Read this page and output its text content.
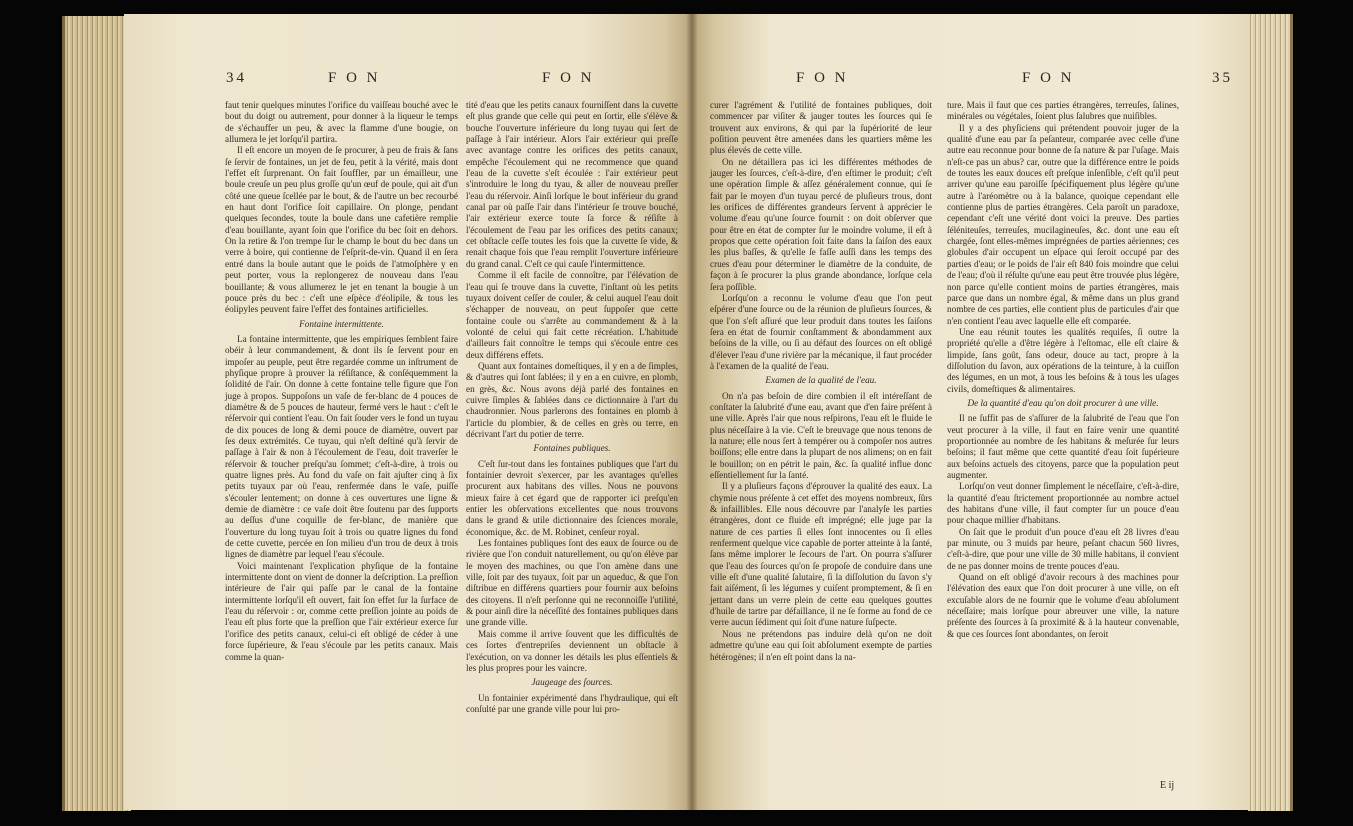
34	F O N	F O N

faut tenir quelques minutes l'orifice du vaiſſeau bouché avec le bout du doigt ou autrement, pour donner à la liqueur le temps de s'échauffer un peu, & avec la flamme d'une bougie, on allumera le jet lorſqu'il partira.

Il eſt encore un moyen de ſe procurer, à peu de frais & ſans ſe ſervir de fontaines, un jet de feu, petit à la vérité, mais dont l'effet eſt ſurprenant. On fait ſouffler, par un émailleur, une boule creuſe un peu plus groſſe qu'un œuf de poule, qui ait d'un côté une queue ſcellée par le bout, & de l'autre un bec recourbé en haut dont l'orifice ſoit capillaire. On plonge, pendant quelques ſecondes, toute la boule dans une cafetière remplie d'eau bouillante, ayant ſoin que l'orifice du bec ſoit en dehors. On la retire & l'on trempe ſur le champ le bout du bec dans un verre à boire, qui contienne de l'eſprit-de-vin. Quand il en ſera entré dans la boule autant que le poids de l'atmoſphère y en peut porter, vous la replongerez de nouveau dans l'eau bouillante; & vous allumerez le jet en tenant la bougie à un pouce près du bec : c'eſt une eſpèce d'éolipile, & tous les éolipyles peuvent faire l'effet des fontaines artificielles.

Fontaine intermittente.

La fontaine intermittente, que les empiriques ſemblent faire obéir à leur commandement, & dont ils ſe ſervent pour en impoſer au peuple, peut être regardée comme un inſtrument de phyſique propre à prouver la réſiſtance, & conſéquemment la ſolidité de l'air. On donne à cette fontaine telle figure que l'on juge à propos. Suppoſons un vaſe de fer-blanc de 4 pouces de diamètre & de 5 pouces de hauteur, fermé vers le haut : c'eſt le réſervoir qui contient l'eau. On fait ſouder vers le fond un tuyau de dix pouces de long & demi pouce de diamètre, ouvert par ſes deux extrémités. Ce tuyau, qui n'eſt deſtiné qu'à ſervir de paſſage à l'air & non à l'écoulement de l'eau, doit traverſer le réſervoir & toucher preſqu'au ſommet; c'eſt-à-dire, à trois ou quatre lignes près. Au fond du vaſe on fait ajuſter cinq à ſix petits tuyaux par où l'eau, renfermée dans le vaſe, puiſſe s'écouler lentement; on donne à ces ouvertures une ligne & demie de diamètre : ce vaſe doit être ſoutenu par des ſupports au deſſus d'une coquille de fer-blanc, de manière que l'ouverture du long tuyau ſoit à trois ou quatre lignes du fond de cette cuvette, percée en ſon milieu d'un trou de deux à trois lignes de diamètre par lequel l'eau s'écoule.

Voici maintenant l'explication phyſique de la fontaine intermittente dont on vient de donner la deſcription. La preſſion intérieure de l'air qui paſſe par le canal de la fontaine intermittente lorſqu'il eſt ouvert, fait ſon effet ſur la ſurface de l'eau du réſervoir : or, comme cette preſſion jointe au poids de l'eau eſt plus forte que la preſſion que l'air extérieur exerce ſur l'orifice des petits canaux, celui-ci eſt obligé de céder à une force ſupérieure, & l'eau s'écoule par les petits canaux. Mais comme la quan-

tité d'eau que les petits canaux fourniſſent dans la cuvette eſt plus grande que celle qui peut en ſortir, elle s'élève & bouche l'ouverture inférieure du long tuyau qui ſert de paſſage à l'air intérieur. Alors l'air extérieur qui preſſe avec avantage contre les orifices des petits canaux, empêche l'écoulement qui ne recommence que quand l'eau de la cuvette s'eſt écoulée : l'air extérieur peut s'introduire le long du tyau, & aller de nouveau preſſer l'eau du réſervoir. Ainſi lorſque le bout inférieur du grand canal par où paſſe l'air dans l'intérieur ſe trouve bouché, l'air extérieur exerce toute ſa force & réſiſte à l'écoulement de l'eau par les orifices des petits canaux; cet obſtacle ceſſe toutes les fois que la cuvette ſe vide, & renait chaque fois que l'eau remplit l'ouverture inférieure du grand canal. C'eſt ce qui cauſe l'intermittence.

Comme il eſt facile de connoître, par l'élévation de l'eau qui ſe trouve dans la cuvette, l'inſtant où les petits tuyaux doivent ceſſer de couler, & celui auquel l'eau doit s'échapper de nouveau, on peut ſuppoſer que cette fontaine coule ou s'arrête au commandement & à la volonté de celui qui fait cette récréation. L'habitude d'ailleurs fait connoître le temps qui s'écoule entre ces deux différens effets.

Quant aux fontaines domeſtiques, il y en a de ſimples, & d'autres qui ſont ſablées; il y en a en cuivre, en plomb, en grès, &c. Nous avons déjà parlé des fontaines en cuivre ſimples & ſablées dans ce dictionnaire à l'art du chaudronnier. Nous parlerons des fontaines en plomb à l'article du plombier, & de celles en grès ou terre, en décrivant l'art du potier de terre.

Fontaines publiques.

C'eſt ſur-tout dans les fontaines publiques que l'art du fontainier devroit s'exercer, par les avantages qu'elles procurent aux habitans des villes. Nous ne pouvons mieux faire à cet égard que de rapporter ici preſqu'en entier les obſervations excellentes que nous trouvons dans le grand & utile dictionnaire des ſciences morale, économique, &c. de M. Robinet, cenſeur royal.

Les fontaines publiques ſont des eaux de ſource ou de rivière que l'on conduit naturellement, ou qu'on élève par le moyen des machines, ou que l'on amène dans une ville, ſoit par des tuyaux, ſoit par un aqueduc, & que l'on diſtribue en différens quartiers pour fournir aux beſoins des citoyens. Il n'eſt perſonne qui ne reconnoiſſe l'utilité, & pour ainſi dire la néceſſité des fontaines publiques dans une grande ville.

Mais comme il arrive ſouvent que les difficultés de ces ſortes d'entrepriſes deviennent un obſtacle à l'exécution, on va donner les détails les plus eſſentiels & les plus propres pour les vaincre.

Jaugeage des ſources.

Un fontainier expérimenté dans l'hydraulique, qui eſt conſulté par une grande ville pour lui pro-

F O N	F O N	35

curer l'agrément & l'utilité de fontaines publiques, doit commencer par viſiter & jauger toutes les ſources qui ſe trouvent aux environs, & qui par la ſupériorité de leur poſition peuvent être amenées dans les quartiers même les plus élevés de cette ville.

On ne détaillera pas ici les différentes méthodes de jauger les ſources, c'eſt-à-dire, d'en eſtimer le produit; c'eſt une opération ſimple & aſſez généralement connue, qui ſe fait par le moyen d'un tuyau percé de pluſieurs trous, dont les orifices de différentes grandeurs ſervent à apprécier le volume d'eau qu'une ſource fournit : on doit obſerver que pour être en état de compter ſur le moindre volume, il eſt à propos que cette opération ſoit faite dans la ſaiſon des eaux les plus baſſes, & qu'elle ſe faſſe auſſi dans les temps des crues d'eau pour déterminer le diamètre de la conduite, de façon à ſe procurer la plus grande abondance, lorſque cela ſera poſſible.

Lorſqu'on a reconnu le volume d'eau que l'on peut eſpérer d'une ſource ou de la réunion de pluſieurs ſources, & que l'on s'eſt aſſuré que leur produit dans toutes les ſaiſons ſera en état de fournir conſtamment & abondamment aux beſoins de la ville, ou ſi au défaut des ſources on eſt obligé d'élever l'eau d'une rivière par la mécanique, il faut procéder à l'examen de la qualité de l'eau.

Examen de la qualité de l'eau.

On n'a pas beſoin de dire combien il eſt intéreſſant de conſtater la ſalubrité d'une eau, avant que d'en faire préſent à une ville. Après l'air que nous reſpirons, l'eau eſt le fluide le plus néceſſaire à la vie. C'eſt le breuvage que nous tenons de la nature; elle nous ſert à tempérer ou à compoſer nos autres boiſſons; elle entre dans la plupart de nos alimens; on en fait le bouillon; on en pétrit le pain, &c. ſa qualité influe donc eſſentiellement ſur la ſanté.

Il y a pluſieurs façons d'éprouver la qualité des eaux. La chymie nous préſente à cet effet des moyens nombreux, ſûrs & infaillibles. Elle nous découvre par l'analyſe les parties étrangères, dont ce fluide eſt imprégné; elle juge par la nature de ces parties ſi elles ſont innocentes ou ſi elles renferment quelque vice capable de porter atteinte à la ſanté, ſans même implorer le ſecours de l'art. On pourra s'aſſurer que l'eau des ſources qu'on ſe propoſe de conduire dans une ville eſt d'une qualité ſalutaire, ſi la diſſolution du ſavon s'y fait aiſément, ſi les légumes y cuiſent promptement, & ſi en jettant dans un verre plein de cette eau quelques gouttes d'huile de tartre par défaillance, il ne ſe forme au fond de ce verre aucun ſédiment qui ſoit d'une nature ſuſpecte.

Nous ne prétendons pas induire delà qu'on ne doit admettre qu'une eau qui ſoit abſolument exempte de parties hétérogènes; il n'en eſt point dans la na-

ture. Mais il faut que ces parties étrangères, terreuſes, ſalines, minérales ou végétales, ſoient plus ſalubres que nuiſibles.

Il y a des phyſiciens qui prétendent pouvoir juger de la qualité d'une eau par ſa peſanteur, comparée avec celle d'une autre eau reconnue pour bonne de ſa nature & par l'uſage. Mais n'eſt-ce pas un abus? car, outre que la différence entre le poids de toutes les eaux douces eſt preſque inſenſible, c'eſt qu'il peut arriver qu'une eau paroiſſe ſpécifiquement plus légère qu'une autre à l'aréomètre ou à la balance, quoique cependant elle contienne plus de parties étrangères. Cela paroît un paradoxe, cependant c'eſt une vérité dont voici la preuve. Des parties ſéléniteuſes, terreuſes, mucilagineuſes, &c. dont une eau eſt chargée, ſont elles-mêmes imprégnées de parties aëriennes; ces globules d'air occupent un eſpace qui ſeroit occupé par des parties d'eau; or le poids de l'air eſt 840 fois moindre que celui de l'eau; d'où il réſulte qu'une eau peut être trouvée plus légère, non parce qu'elle contient moins de parties étrangères, mais parce que dans un nombre égal, & même dans un plus grand nombre de ces parties, elle contient plus de particules d'air que n'en contient l'eau avec laquelle elle eſt comparée.

Une eau réunit toutes les qualités requiſes, ſi outre la propriété qu'elle a d'être légère à l'eſtomac, elle eſt claire & limpide, ſans goût, ſans odeur, douce au tact, propre à la diſſolution du ſavon, aux opérations de la teinture, à la cuiſſon des légumes, en un mot, à tous les beſoins & à tous les uſages civils, domeſtiques & alimentaires.

De la quantité d'eau qu'on doit procurer à une ville.

Il ne ſuffit pas de s'aſſurer de la ſalubrité de l'eau que l'on veut procurer à la ville, il faut en faire venir une quantité proportionnée au nombre de ſes habitans & meſurée ſur leurs beſoins; il faut même que cette quantité d'eau ſoit ſupérieure aux beſoins actuels des citoyens, parce que la population peut augmenter.

Lorſqu'on veut donner ſimplement le néceſſaire, c'eſt-à-dire, la quantité d'eau ſtrictement proportionnée au nombre actuel des habitans d'une ville, il faut compter ſur un pouce d'eau pour chaque millier d'habitans.

On ſait que le produit d'un pouce d'eau eſt 28 livres d'eau par minute, ou 3 muids par heure, peſant chacun 560 livres, c'eſt-à-dire, que pour une ville de 30 mille habitans, il convient de ne pas donner moins de trente pouces d'eau.

Quand on eſt obligé d'avoir recours à des machines pour l'élévation des eaux que l'on doit procurer à une ville, on eſt excuſable alors de ne fournir que le volume d'eau abſolument néceſſaire; mais lorſque pour abreuver une ville, la nature préſente des ſources à ſa proximité & à la hauteur convenable, & que ces ſources ſont abondantes, on ſeroit

E ij
